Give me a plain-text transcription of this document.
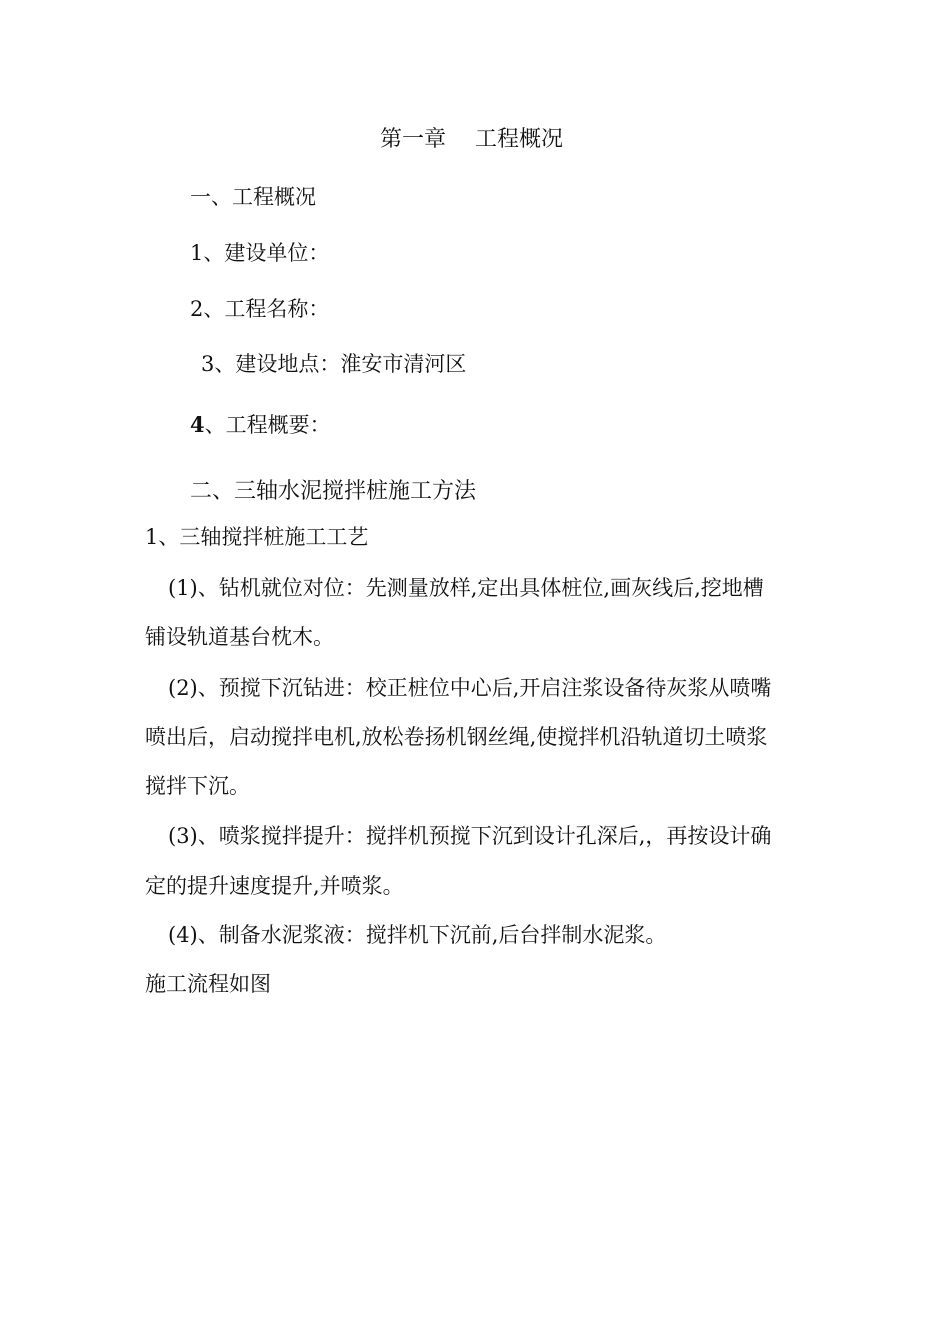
第一章　 工程概况
一、工程概况
1、建设单位：
2、工程名称：
3、建设地点：淮安市清河区
4、工程概要：
二、三轴水泥搅拌桩施工方法
1、三轴搅拌桩施工工艺
(1)、钻机就位对位：先测量放样,定出具体桩位,画灰线后,挖地槽
铺设轨道基台枕木。
(2)、预搅下沉钻进：校正桩位中心后,开启注浆设备待灰浆从喷嘴
喷出后，启动搅拌电机,放松卷扬机钢丝绳,使搅拌机沿轨道切土喷浆
搅拌下沉。
(3)、喷浆搅拌提升：搅拌机预搅下沉到设计孔深后,，再按设计确
定的提升速度提升,并喷浆。
(4)、制备水泥浆液：搅拌机下沉前,后台拌制水泥浆。
施工流程如图
